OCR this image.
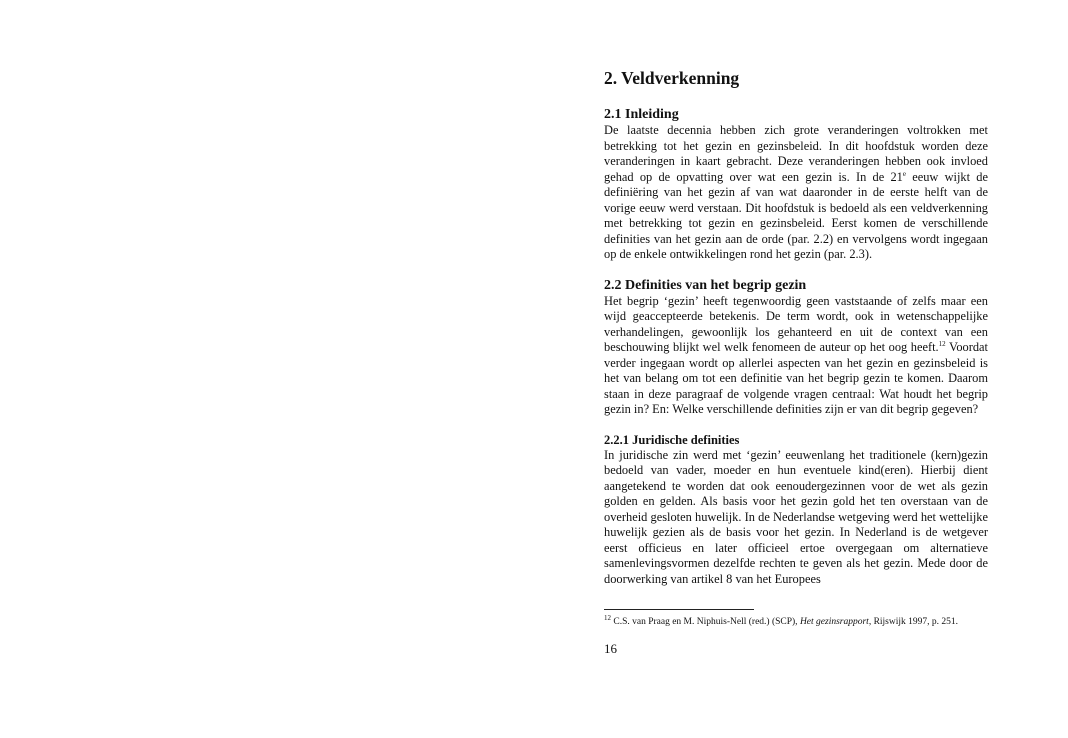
2. Veldverkenning
2.1 Inleiding

De laatste decennia hebben zich grote veranderingen voltrokken met betrekking tot het gezin en gezinsbeleid. In dit hoofdstuk worden deze veranderingen in kaart gebracht. Deze veranderingen hebben ook invloed gehad op de opvatting over wat een gezin is. In de 21e eeuw wijkt de definiëring van het gezin af van wat daaronder in de eerste helft van de vorige eeuw werd verstaan. Dit hoofdstuk is bedoeld als een veldverkenning met betrekking tot gezin en gezinsbeleid. Eerst komen de verschillende definities van het gezin aan de orde (par. 2.2) en vervolgens wordt ingegaan op de enkele ontwikkelingen rond het gezin (par. 2.3).

2.2 Definities van het begrip gezin

Het begrip ‘gezin’ heeft tegenwoordig geen vaststaande of zelfs maar een wijd geaccepteerde betekenis. De term wordt, ook in wetenschappelijke verhandelingen, gewoonlijk los gehanteerd en uit de context van een beschouwing blijkt wel welk fenomeen de auteur op het oog heeft.$^{12}$ Voordat verder ingegaan wordt op allerlei aspecten van het gezin en gezinsbeleid is het van belang om tot een definitie van het begrip gezin te komen. Daarom staan in deze paragraaf de volgende vragen centraal: Wat houdt het begrip gezin in? En: Welke verschillende definities zijn er van dit begrip gegeven?

2.2.1 Juridische definities

In juridische zin werd met ‘gezin’ eeuwenlang het traditionele (kern)gezin bedoeld van vader, moeder en hun eventuele kind(eren). Hierbij dient aangetekend te worden dat ook eenoudergezinnen voor de wet als gezin golden en gelden. Als basis voor het gezin gold het ten overstaan van de overheid gesloten huwelijk. In de Nederlandse wetgeving werd het wettelijke huwelijk gezien als de basis voor het gezin. In Nederland is de wetgever eerst officieus en later officieel ertoe overgegaan om alternatieve samenlevingsvormen dezelfde rechten te geven als het gezin. Mede door de doorwerking van artikel 8 van het Europees

$^{12}$ C.S. van Praag en M. Niphuis-Nell (red.) (SCP), Het gezinsrapport, Rijswijk 1997, p. 251.

16
